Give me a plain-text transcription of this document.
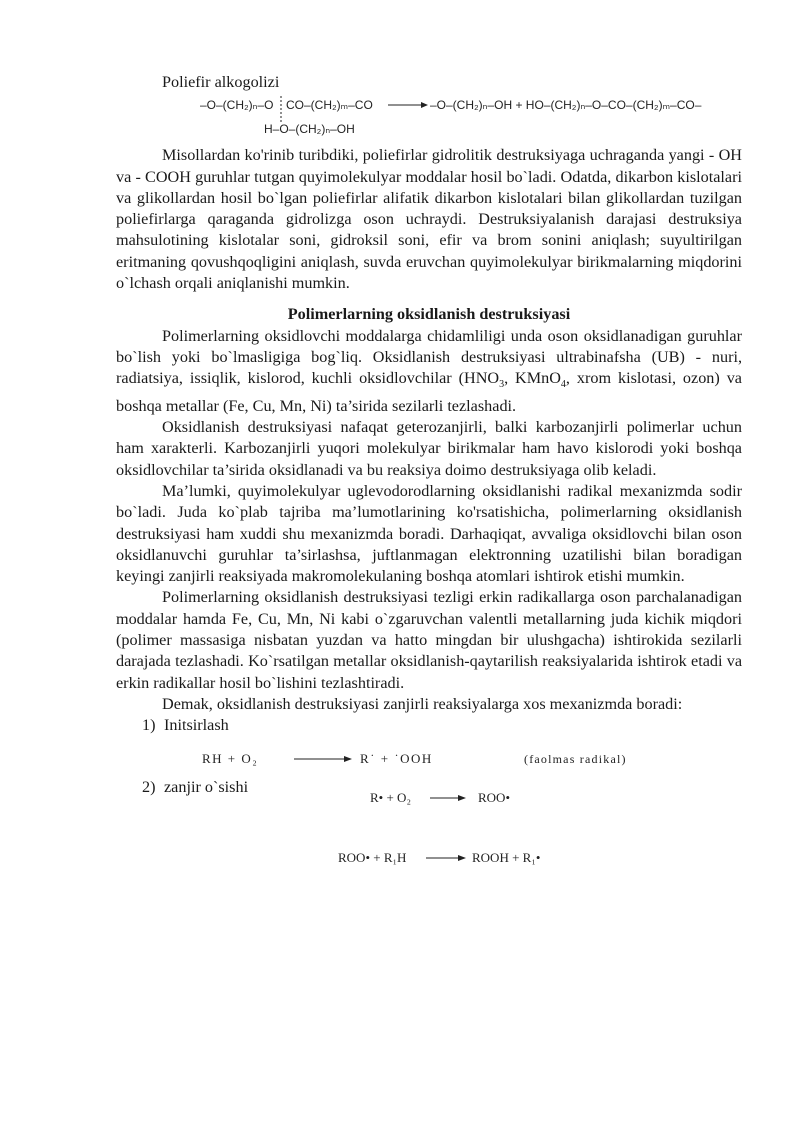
Poliefir alkogolizi

–O–(CH₂)ₙ–O CO–(CH₂)ₘ–CO	–O–(CH₂)ₙ–OH + HO–(CH₂)ₙ–O–CO–(CH₂)ₘ–CO–
H–O–(CH₂)ₙ–OH

Misollardan ko'rinib turibdiki, poliefirlar gidrolitik destruksiyaga uchraganda yangi - OH va - COOH guruhlar tutgan quyimolekulyar moddalar hosil bo`ladi. Odatda, dikarbon kislotalari va glikollardan hosil bo`lgan poliefirlar alifatik dikarbon kislotalari bilan glikollardan tuzilgan poliefirlarga qaraganda gidrolizga oson uchraydi. Destruksiyalanish darajasi destruksiya mahsulotining kislotalar soni, gidroksil soni, efir va brom sonini aniqlash; suyultirilgan eritmaning qovushqoqligini aniqlash, suvda eruvchan quyimolekulyar birikmalarning miqdorini o`lchash orqali aniqlanishi mumkin.

Polimerlarning oksidlanish destruksiyasi

Polimerlarning oksidlovchi moddalarga chidamliligi unda oson oksidlanadigan guruhlar bo`lish yoki bo`lmasligiga bog`liq. Oksidlanish destruksiyasi ultrabinafsha (UB) - nuri, radiatsiya, issiqlik, kislorod, kuchli oksidlovchilar ($HNO_3$, KMnO$_4$, xrom kislotasi, ozon) va boshqa metallar (Fe, Cu, Mn, Ni) ta’sirida sezilarli tezlashadi.

Oksidlanish destruksiyasi nafaqat geterozanjirli, balki karbozanjirli polimerlar uchun ham xarakterli. Karbozanjirli yuqori molekulyar birikmalar ham havo kislorodi yoki boshqa oksidlovchilar ta’sirida oksidlanadi va bu reaksiya doimo destruksiyaga olib keladi.

Ma’lumki, quyimolekulyar uglevodorodlarning oksidlanishi radikal mexanizmda sodir bo`ladi. Juda ko`plab tajriba ma’lumotlarining ko'rsatishicha, polimerlarning oksidlanish destruksiyasi ham xuddi shu mexanizmda boradi. Darhaqiqat, avvaliga oksidlovchi bilan oson oksidlanuvchi guruhlar ta’sirlashsa, juftlanmagan elektronning uzatilishi bilan boradigan keyingi zanjirli reaksiyada makromolekulaning boshqa atomlari ishtirok etishi mumkin.

Polimerlarning oksidlanish destruksiyasi tezligi erkin radikallarga oson parchalanadigan moddalar hamda Fe, Cu, Mn, Ni kabi o`zgaruvchan valentli metallarning juda kichik miqdori (polimer massasiga nisbatan yuzdan va hatto mingdan bir ulushgacha) ishtirokida sezilarli darajada tezlashadi. Ko`rsatilgan metallar oksidlanish-qaytarilish reaksiyalarida ishtirok etadi va erkin radikallar hosil bo`lishini tezlashtiradi.

Demak, oksidlanish destruksiyasi zanjirli reaksiyalarga xos mexanizmda boradi:

1) Initsirlash

RH + O₂	R˙ + ˙OOH	(faolmas radikal)

2) zanjir o`sishi

R• + O₂	ROO•
ROO• + R₁H	ROOH + R₁•
